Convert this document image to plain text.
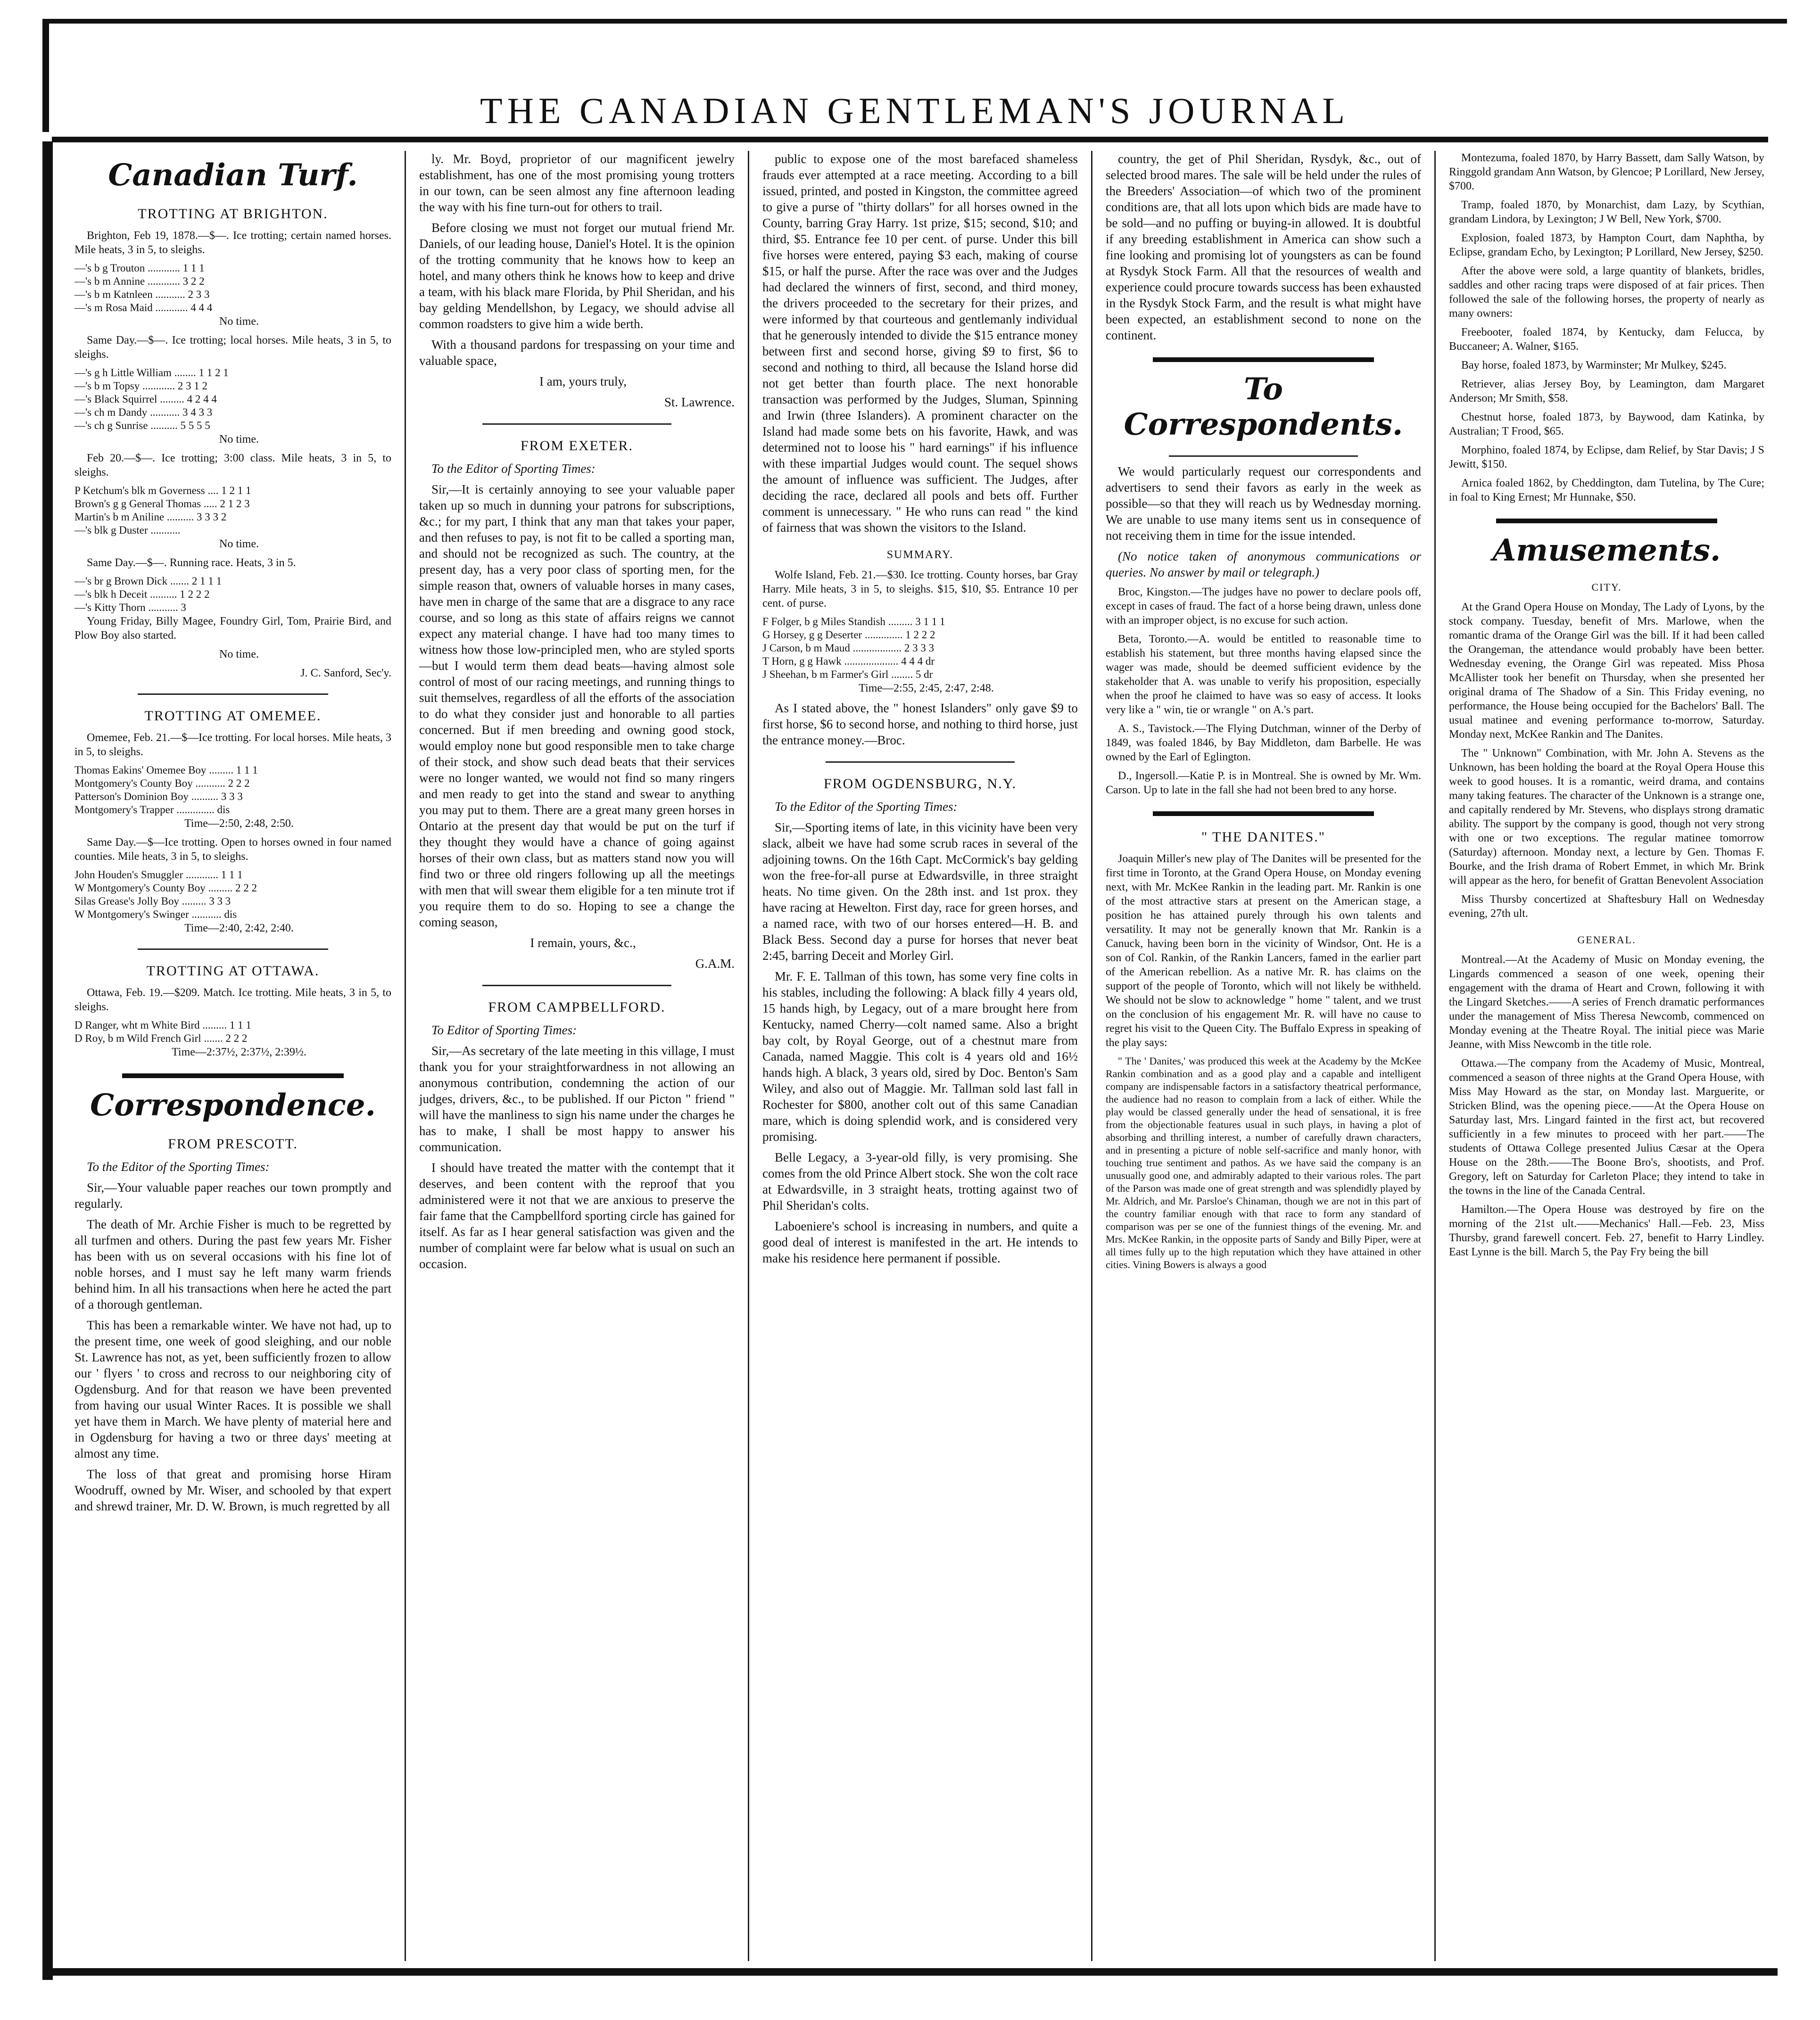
THE CANADIAN GENTLEMAN'S JOURNAL
Canadian Turf.
TROTTING AT BRIGHTON.

Brighton, Feb 19, 1878.—$—. Ice trotting; certain named horses. Mile heats, 3 in 5, to sleighs.

—'s b g Trouton ............ 1 1 1
—'s b m Annine ............ 3 2 2
—'s b m Katnleen ........... 2 3 3
—'s m Rosa Maid ............ 4 4 4

No time.

Same Day.—$—. Ice trotting; local horses. Mile heats, 3 in 5, to sleighs.

—'s g h Little William ........ 1 1 2 1
—'s b m Topsy ............ 2 3 1 2
—'s Black Squirrel ......... 4 2 4 4
—'s ch m Dandy ........... 3 4 3 3
—'s ch g Sunrise .......... 5 5 5 5

No time.

Feb 20.—$—. Ice trotting; 3:00 class. Mile heats, 3 in 5, to sleighs.

P Ketchum's blk m Governess .... 1 2 1 1
Brown's g g General Thomas ..... 2 1 2 3
Martin's b m Aniline .......... 3 3 3 2
—'s blk g Duster ...........

No time.

Same Day.—$—. Running race. Heats, 3 in 5.

—'s br g Brown Dick ....... 2 1 1 1
—'s blk h Deceit .......... 1 2 2 2
—'s Kitty Thorn ........... 3

Young Friday, Billy Magee, Foundry Girl, Tom, Prairie Bird, and Plow Boy also started.

No time.

J. C. Sanford, Sec'y.

TROTTING AT OMEMEE.

Omemee, Feb. 21.—$—Ice trotting. For local horses. Mile heats, 3 in 5, to sleighs.

Thomas Eakins' Omemee Boy ......... 1 1 1
Montgomery's County Boy ........... 2 2 2
Patterson's Dominion Boy .......... 3 3 3
Montgomery's Trapper .............. dis

Time—2:50, 2:48, 2:50.

Same Day.—$—Ice trotting. Open to horses owned in four named counties. Mile heats, 3 in 5, to sleighs.

John Houden's Smuggler ............ 1 1 1
W Montgomery's County Boy ......... 2 2 2
Silas Grease's Jolly Boy ......... 3 3 3
W Montgomery's Swinger ........... dis

Time—2:40, 2:42, 2:40.

TROTTING AT OTTAWA.

Ottawa, Feb. 19.—$209. Match. Ice trotting. Mile heats, 3 in 5, to sleighs.

D Ranger, wht m White Bird ......... 1 1 1
D Roy, b m Wild French Girl ....... 2 2 2

Time—2:37½, 2:37½, 2:39½.

Correspondence.
FROM PRESCOTT.

To the Editor of the Sporting Times:

Sir,—Your valuable paper reaches our town promptly and regularly.

The death of Mr. Archie Fisher is much to be regretted by all turfmen and others. During the past few years Mr. Fisher has been with us on several occasions with his fine lot of noble horses, and I must say he left many warm friends behind him. In all his transactions when here he acted the part of a thorough gentleman.

This has been a remarkable winter. We have not had, up to the present time, one week of good sleighing, and our noble St. Lawrence has not, as yet, been sufficiently frozen to allow our ' flyers ' to cross and recross to our neighboring city of Ogdensburg. And for that reason we have been prevented from having our usual Winter Races. It is possible we shall yet have them in March. We have plenty of material here and in Ogdensburg for having a two or three days' meeting at almost any time.

The loss of that great and promising horse Hiram Woodruff, owned by Mr. Wiser, and schooled by that expert and shrewd trainer, Mr. D. W. Brown, is much regretted by all

ly. Mr. Boyd, proprietor of our magnificent jewelry establishment, has one of the most promising young trotters in our town, can be seen almost any fine afternoon leading the way with his fine turn-out for others to trail.

Before closing we must not forget our mutual friend Mr. Daniels, of our leading house, Daniel's Hotel. It is the opinion of the trotting community that he knows how to keep an hotel, and many others think he knows how to keep and drive a team, with his black mare Florida, by Phil Sheridan, and his bay gelding Mendellshon, by Legacy, we should advise all common roadsters to give him a wide berth.

With a thousand pardons for trespassing on your time and valuable space,

I am, yours truly,

St. Lawrence.

FROM EXETER.

To the Editor of Sporting Times:

Sir,—It is certainly annoying to see your valuable paper taken up so much in dunning your patrons for subscriptions, &c.; for my part, I think that any man that takes your paper, and then refuses to pay, is not fit to be called a sporting man, and should not be recognized as such. The country, at the present day, has a very poor class of sporting men, for the simple reason that, owners of valuable horses in many cases, have men in charge of the same that are a disgrace to any race course, and so long as this state of affairs reigns we cannot expect any material change. I have had too many times to witness how those low-principled men, who are styled sports—but I would term them dead beats—having almost sole control of most of our racing meetings, and running things to suit themselves, regardless of all the efforts of the association to do what they consider just and honorable to all parties concerned. But if men breeding and owning good stock, would employ none but good responsible men to take charge of their stock, and show such dead beats that their services were no longer wanted, we would not find so many ringers and men ready to get into the stand and swear to anything you may put to them. There are a great many green horses in Ontario at the present day that would be put on the turf if they thought they would have a chance of going against horses of their own class, but as matters stand now you will find two or three old ringers following up all the meetings with men that will swear them eligible for a ten minute trot if you require them to do so. Hoping to see a change the coming season,

I remain, yours, &c.,

G.A.M.

FROM CAMPBELLFORD.

To Editor of Sporting Times:

Sir,—As secretary of the late meeting in this village, I must thank you for your straightforwardness in not allowing an anonymous contribution, condemning the action of our judges, drivers, &c., to be published. If our Picton " friend " will have the manliness to sign his name under the charges he has to make, I shall be most happy to answer his communication.

I should have treated the matter with the contempt that it deserves, and been content with the reproof that you administered were it not that we are anxious to preserve the fair fame that the Campbellford sporting circle has gained for itself. As far as I hear general satisfaction was given and the number of complaint were far below what is usual on such an occasion.

public to expose one of the most barefaced shameless frauds ever attempted at a race meeting. According to a bill issued, printed, and posted in Kingston, the committee agreed to give a purse of "thirty dollars" for all horses owned in the County, barring Gray Harry. 1st prize, $15; second, $10; and third, $5. Entrance fee 10 per cent. of purse. Under this bill five horses were entered, paying $3 each, making of course $15, or half the purse. After the race was over and the Judges had declared the winners of first, second, and third money, the drivers proceeded to the secretary for their prizes, and were informed by that courteous and gentlemanly individual that he generously intended to divide the $15 entrance money between first and second horse, giving $9 to first, $6 to second and nothing to third, all because the Island horse did not get better than fourth place. The next honorable transaction was performed by the Judges, Sluman, Spinning and Irwin (three Islanders). A prominent character on the Island had made some bets on his favorite, Hawk, and was determined not to loose his " hard earnings" if his influence with these impartial Judges would count. The sequel shows the amount of influence was sufficient. The Judges, after deciding the race, declared all pools and bets off. Further comment is unnecessary. " He who runs can read " the kind of fairness that was shown the visitors to the Island.

SUMMARY.

Wolfe Island, Feb. 21.—$30. Ice trotting. County horses, bar Gray Harry. Mile heats, 3 in 5, to sleighs. $15, $10, $5. Entrance 10 per cent. of purse.

F Folger, b g Miles Standish ......... 3 1 1 1
G Horsey, g g Deserter .............. 1 2 2 2
J Carson, b m Maud .................. 2 3 3 3
T Horn, g g Hawk .................... 4 4 4 dr
J Sheehan, b m Farmer's Girl ........ 5 dr

Time—2:55, 2:45, 2:47, 2:48.

As I stated above, the " honest Islanders" only gave $9 to first horse, $6 to second horse, and nothing to third horse, just the entrance money.—Broc.

FROM OGDENSBURG, N.Y.

To the Editor of the Sporting Times:

Sir,—Sporting items of late, in this vicinity have been very slack, albeit we have had some scrub races in several of the adjoining towns. On the 16th Capt. McCormick's bay gelding won the free-for-all purse at Edwardsville, in three straight heats. No time given. On the 28th inst. and 1st prox. they have racing at Hewelton. First day, race for green horses, and a named race, with two of our horses entered—H. B. and Black Bess. Second day a purse for horses that never beat 2:45, barring Deceit and Morley Girl.

Mr. F. E. Tallman of this town, has some very fine colts in his stables, including the following: A black filly 4 years old, 15 hands high, by Legacy, out of a mare brought here from Kentucky, named Cherry—colt named same. Also a bright bay colt, by Royal George, out of a chestnut mare from Canada, named Maggie. This colt is 4 years old and 16½ hands high. A black, 3 years old, sired by Doc. Benton's Sam Wiley, and also out of Maggie. Mr. Tallman sold last fall in Rochester for $800, another colt out of this same Canadian mare, which is doing splendid work, and is considered very promising.

Belle Legacy, a 3-year-old filly, is very promising. She comes from the old Prince Albert stock. She won the colt race at Edwardsville, in 3 straight heats, trotting against two of Phil Sheridan's colts.

Laboeniere's school is increasing in numbers, and quite a good deal of interest is manifested in the art. He intends to make his residence here permanent if possible.

country, the get of Phil Sheridan, Rysdyk, &c., out of selected brood mares. The sale will be held under the rules of the Breeders' Association—of which two of the prominent conditions are, that all lots upon which bids are made have to be sold—and no puffing or buying-in allowed. It is doubtful if any breeding establishment in America can show such a fine looking and promising lot of youngsters as can be found at Rysdyk Stock Farm. All that the resources of wealth and experience could procure towards success has been exhausted in the Rysdyk Stock Farm, and the result is what might have been expected, an establishment second to none on the continent.

To Correspondents.

We would particularly request our correspondents and advertisers to send their favors as early in the week as possible—so that they will reach us by Wednesday morning. We are unable to use many items sent us in consequence of not receiving them in time for the issue intended.

(No notice taken of anonymous communications or queries. No answer by mail or telegraph.)

Broc, Kingston.—The judges have no power to declare pools off, except in cases of fraud. The fact of a horse being drawn, unless done with an improper object, is no excuse for such action.

Beta, Toronto.—A. would be entitled to reasonable time to establish his statement, but three months having elapsed since the wager was made, should be deemed sufficient evidence by the stakeholder that A. was unable to verify his proposition, especially when the proof he claimed to have was so easy of access. It looks very like a " win, tie or wrangle " on A.'s part.

A. S., Tavistock.—The Flying Dutchman, winner of the Derby of 1849, was foaled 1846, by Bay Middleton, dam Barbelle. He was owned by the Earl of Eglington.

D., Ingersoll.—Katie P. is in Montreal. She is owned by Mr. Wm. Carson. Up to late in the fall she had not been bred to any horse.

" THE DANITES."

Joaquin Miller's new play of The Danites will be presented for the first time in Toronto, at the Grand Opera House, on Monday evening next, with Mr. McKee Rankin in the leading part. Mr. Rankin is one of the most attractive stars at present on the American stage, a position he has attained purely through his own talents and versatility. It may not be generally known that Mr. Rankin is a Canuck, having been born in the vicinity of Windsor, Ont. He is a son of Col. Rankin, of the Rankin Lancers, famed in the earlier part of the American rebellion. As a native Mr. R. has claims on the support of the people of Toronto, which will not likely be withheld. We should not be slow to acknowledge " home " talent, and we trust on the conclusion of his engagement Mr. R. will have no cause to regret his visit to the Queen City. The Buffalo Express in speaking of the play says:

" The ' Danites,' was produced this week at the Academy by the McKee Rankin combination and as a good play and a capable and intelligent company are indispensable factors in a satisfactory theatrical performance, the audience had no reason to complain from a lack of either. While the play would be classed generally under the head of sensational, it is free from the objectionable features usual in such plays, in having a plot of absorbing and thrilling interest, a number of carefully drawn characters, and in presenting a picture of noble self-sacrifice and manly honor, with touching true sentiment and pathos. As we have said the company is an unusually good one, and admirably adapted to their various roles. The part of the Parson was made one of great strength and was splendidly played by Mr. Aldrich, and Mr. Parsloe's Chinaman, though we are not in this part of the country familiar enough with that race to form any standard of comparison was per se one of the funniest things of the evening. Mr. and Mrs. McKee Rankin, in the opposite parts of Sandy and Billy Piper, were at all times fully up to the high reputation which they have attained in other cities. Vining Bowers is always a good

Montezuma, foaled 1870, by Harry Bassett, dam Sally Watson, by Ringgold grandam Ann Watson, by Glencoe; P Lorillard, New Jersey, $700.

Tramp, foaled 1870, by Monarchist, dam Lazy, by Scythian, grandam Lindora, by Lexington; J W Bell, New York, $700.

Explosion, foaled 1873, by Hampton Court, dam Naphtha, by Eclipse, grandam Echo, by Lexington; P Lorillard, New Jersey, $250.

After the above were sold, a large quantity of blankets, bridles, saddles and other racing traps were disposed of at fair prices. Then followed the sale of the following horses, the property of nearly as many owners:

Freebooter, foaled 1874, by Kentucky, dam Felucca, by Buccaneer; A. Walner, $165.

Bay horse, foaled 1873, by Warminster; Mr Mulkey, $245.

Retriever, alias Jersey Boy, by Leamington, dam Margaret Anderson; Mr Smith, $58.

Chestnut horse, foaled 1873, by Baywood, dam Katinka, by Australian; T Frood, $65.

Morphino, foaled 1874, by Eclipse, dam Relief, by Star Davis; J S Jewitt, $150.

Arnica foaled 1862, by Cheddington, dam Tutelina, by The Cure; in foal to King Ernest; Mr Hunnake, $50.

Amusements.
CITY.

At the Grand Opera House on Monday, The Lady of Lyons, by the stock company. Tuesday, benefit of Mrs. Marlowe, when the romantic drama of the Orange Girl was the bill. If it had been called the Orangeman, the attendance would probably have been better. Wednesday evening, the Orange Girl was repeated. Miss Phosa McAllister took her benefit on Thursday, when she presented her original drama of The Shadow of a Sin. This Friday evening, no performance, the House being occupied for the Bachelors' Ball. The usual matinee and evening performance to-morrow, Saturday. Monday next, McKee Rankin and The Danites.

The " Unknown" Combination, with Mr. John A. Stevens as the Unknown, has been holding the board at the Royal Opera House this week to good houses. It is a romantic, weird drama, and contains many taking features. The character of the Unknown is a strange one, and capitally rendered by Mr. Stevens, who displays strong dramatic ability. The support by the company is good, though not very strong with one or two exceptions. The regular matinee tomorrow (Saturday) afternoon. Monday next, a lecture by Gen. Thomas F. Bourke, and the Irish drama of Robert Emmet, in which Mr. Brink will appear as the hero, for benefit of Grattan Benevolent Association

Miss Thursby concertized at Shaftesbury Hall on Wednesday evening, 27th ult.

GENERAL.

Montreal.—At the Academy of Music on Monday evening, the Lingards commenced a season of one week, opening their engagement with the drama of Heart and Crown, following it with the Lingard Sketches.——A series of French dramatic performances under the management of Miss Theresa Newcomb, commenced on Monday evening at the Theatre Royal. The initial piece was Marie Jeanne, with Miss Newcomb in the title role.

Ottawa.—The company from the Academy of Music, Montreal, commenced a season of three nights at the Grand Opera House, with Miss May Howard as the star, on Monday last. Marguerite, or Stricken Blind, was the opening piece.——At the Opera House on Saturday last, Mrs. Lingard fainted in the first act, but recovered sufficiently in a few minutes to proceed with her part.——The students of Ottawa College presented Julius Cæsar at the Opera House on the 28th.——The Boone Bro's, shootists, and Prof. Gregory, left on Saturday for Carleton Place; they intend to take in the towns in the line of the Canada Central.

Hamilton.—The Opera House was destroyed by fire on the morning of the 21st ult.——Mechanics' Hall.—Feb. 23, Miss Thursby, grand farewell concert. Feb. 27, benefit to Harry Lindley. East Lynne is the bill. March 5, the Pay Fry being the bill
